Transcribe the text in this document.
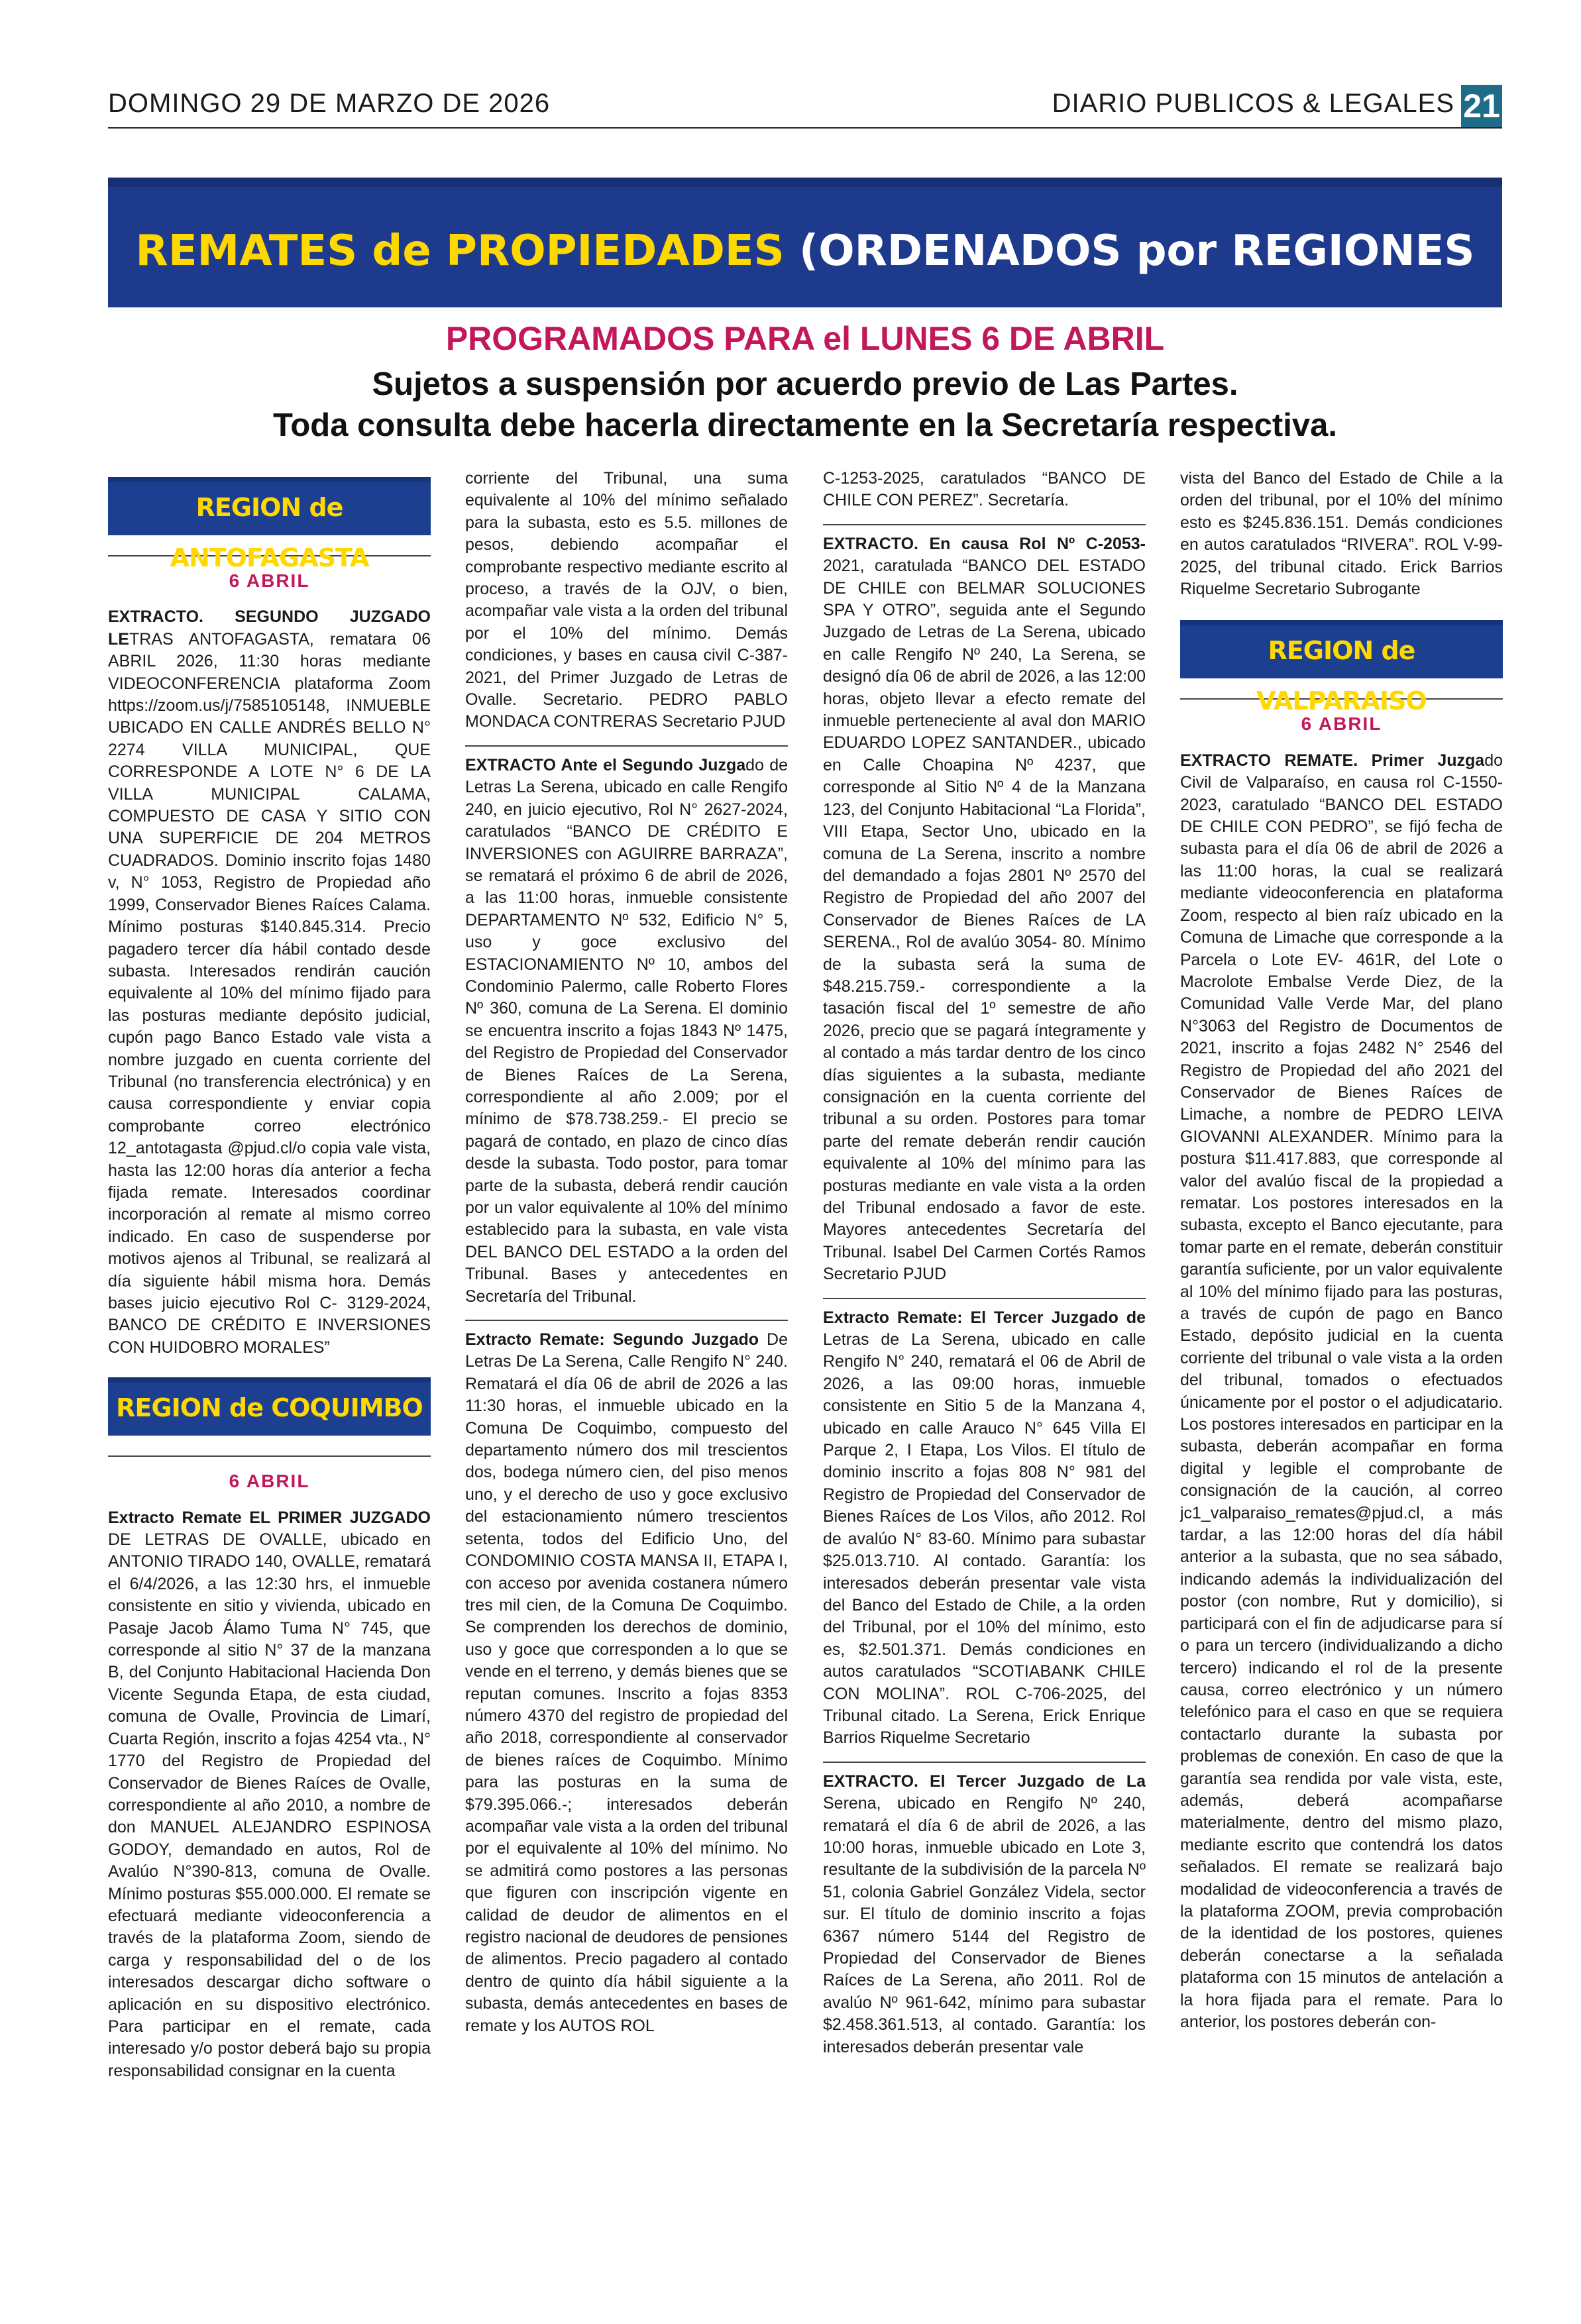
DOMINGO 29 DE MARZO DE 2026	DIARIO PUBLICOS & LEGALES 21
REMATES de PROPIEDADES (ORDENADOS por REGIONES
PROGRAMADOS PARA el LUNES 6 DE ABRIL
Sujetos a suspensión por acuerdo previo de Las Partes.
Toda consulta debe hacerla directamente en la Secretaría respectiva.
REGION de ANTOFAGASTA
6 ABRIL

EXTRACTO. SEGUNDO JUZGADO LETRAS ANTOFAGASTA, rematara 06 ABRIL 2026, 11:30 horas mediante VIDEOCONFERENCIA plataforma Zoom https://zoom.us/j/7585105148, INMUEBLE UBICADO EN CALLE ANDRÉS BELLO N° 2274 VILLA MUNICIPAL, QUE CORRESPONDE A LOTE N° 6 DE LA VILLA MUNICIPAL CALAMA, COMPUESTO DE CASA Y SITIO CON UNA SUPERFICIE DE 204 METROS CUADRADOS. Dominio inscrito fojas 1480 v, N° 1053, Registro de Propiedad año 1999, Conservador Bienes Raíces Calama. Mínimo posturas $140.845.314. Precio pagadero tercer día hábil contado desde subasta. Interesados rendirán caución equivalente al 10% del mínimo fijado para las posturas mediante depósito judicial, cupón pago Banco Estado vale vista a nombre juzgado en cuenta corriente del Tribunal (no transferencia electrónica) y en causa correspondiente y enviar copia comprobante correo electrónico 12_antotagasta @pjud.cl/o copia vale vista, hasta las 12:00 horas día anterior a fecha fijada remate. Interesados coordinar incorporación al remate al mismo correo indicado. En caso de suspenderse por motivos ajenos al Tribunal, se realizará al día siguiente hábil misma hora. Demás bases juicio ejecutivo Rol C- 3129-2024, BANCO DE CRÉDITO E INVERSIONES CON HUIDOBRO MORALES”

REGION de COQUIMBO
6 ABRIL

Extracto Remate EL PRIMER JUZGADO DE LETRAS DE OVALLE, ubicado en ANTONIO TIRADO 140, OVALLE, rematará el 6/4/2026, a las 12:30 hrs, el inmueble consistente en sitio y vivienda, ubicado en Pasaje Jacob Álamo Tuma N° 745, que corresponde al sitio N° 37 de la manzana B, del Conjunto Habitacional Hacienda Don Vicente Segunda Etapa, de esta ciudad, comuna de Ovalle, Provincia de Limarí, Cuarta Región, inscrito a fojas 4254 vta., N° 1770 del Registro de Propiedad del Conservador de Bienes Raíces de Ovalle, correspondiente al año 2010, a nombre de don MANUEL ALEJANDRO ESPINOSA GODOY, demandado en autos, Rol de Avalúo N°390-813, comuna de Ovalle. Mínimo posturas $55.000.000. El remate se efectuará mediante videoconferencia a través de la plataforma Zoom, siendo de carga y responsabilidad del o de los interesados descargar dicho software o aplicación en su dispositivo electrónico. Para participar en el remate, cada interesado y/o postor deberá bajo su propia responsabilidad consignar en la cuenta

corriente del Tribunal, una suma equivalente al 10% del mínimo señalado para la subasta, esto es 5.5. millones de pesos, debiendo acompañar el comprobante respectivo mediante escrito al proceso, a través de la OJV, o bien, acompañar vale vista a la orden del tribunal por el 10% del mínimo. Demás condiciones, y bases en causa civil C-387-2021, del Primer Juzgado de Letras de Ovalle. Secretario. PEDRO PABLO MONDACA CONTRERAS Secretario PJUD

EXTRACTO Ante el Segundo Juzgado de Letras La Serena, ubicado en calle Rengifo 240, en juicio ejecutivo, Rol N° 2627-2024, caratulados “BANCO DE CRÉDITO E INVERSIONES con AGUIRRE BARRAZA”, se rematará el próximo 6 de abril de 2026, a las 11:00 horas, inmueble consistente DEPARTAMENTO Nº 532, Edificio N° 5, uso y goce exclusivo del ESTACIONAMIENTO Nº 10, ambos del Condominio Palermo, calle Roberto Flores Nº 360, comuna de La Serena. El dominio se encuentra inscrito a fojas 1843 Nº 1475, del Registro de Propiedad del Conservador de Bienes Raíces de La Serena, correspondiente al año 2.009; por el mínimo de $78.738.259.- El precio se pagará de contado, en plazo de cinco días desde la subasta. Todo postor, para tomar parte de la subasta, deberá rendir caución por un valor equivalente al 10% del mínimo establecido para la subasta, en vale vista DEL BANCO DEL ESTADO a la orden del Tribunal. Bases y antecedentes en Secretaría del Tribunal.

Extracto Remate: Segundo Juzgado De Letras De La Serena, Calle Rengifo N° 240. Rematará el día 06 de abril de 2026 a las 11:30 horas, el inmueble ubicado en la Comuna De Coquimbo, compuesto del departamento número dos mil trescientos dos, bodega número cien, del piso menos uno, y el derecho de uso y goce exclusivo del estacionamiento número trescientos setenta, todos del Edificio Uno, del CONDOMINIO COSTA MANSA II, ETAPA I, con acceso por avenida costanera número tres mil cien, de la Comuna De Coquimbo. Se comprenden los derechos de dominio, uso y goce que corresponden a lo que se vende en el terreno, y demás bienes que se reputan comunes. Inscrito a fojas 8353 número 4370 del registro de propiedad del año 2018, correspondiente al conservador de bienes raíces de Coquimbo. Mínimo para las posturas en la suma de $79.395.066.-; interesados deberán acompañar vale vista a la orden del tribunal por el equivalente al 10% del mínimo. No se admitirá como postores a las personas que figuren con inscripción vigente en calidad de deudor de alimentos en el registro nacional de deudores de pensiones de alimentos. Precio pagadero al contado dentro de quinto día hábil siguiente a la subasta, demás antecedentes en bases de remate y los AUTOS ROL

C-1253-2025, caratulados “BANCO DE CHILE CON PEREZ”. Secretaría.

EXTRACTO. En causa Rol Nº C-2053-2021, caratulada “BANCO DEL ESTADO DE CHILE con BELMAR SOLUCIONES SPA Y OTRO”, seguida ante el Segundo Juzgado de Letras de La Serena, ubicado en calle Rengifo Nº 240, La Serena, se designó día 06 de abril de 2026, a las 12:00 horas, objeto llevar a efecto remate del inmueble perteneciente al aval don MARIO EDUARDO LOPEZ SANTANDER., ubicado en Calle Choapina Nº 4237, que corresponde al Sitio Nº 4 de la Manzana 123, del Conjunto Habitacional “La Florida”, VIII Etapa, Sector Uno, ubicado en la comuna de La Serena, inscrito a nombre del demandado a fojas 2801 Nº 2570 del Registro de Propiedad del año 2007 del Conservador de Bienes Raíces de LA SERENA., Rol de avalúo 3054- 80. Mínimo de la subasta será la suma de $48.215.759.- correspondiente a la tasación fiscal del 1º semestre de año 2026, precio que se pagará íntegramente y al contado a más tardar dentro de los cinco días siguientes a la subasta, mediante consignación en la cuenta corriente del tribunal a su orden. Postores para tomar parte del remate deberán rendir caución equivalente al 10% del mínimo para las posturas mediante en vale vista a la orden del Tribunal endosado a favor de este. Mayores antecedentes Secretaría del Tribunal. Isabel Del Carmen Cortés Ramos Secretario PJUD

Extracto Remate: El Tercer Juzgado de Letras de La Serena, ubicado en calle Rengifo N° 240, rematará el 06 de Abril de 2026, a las 09:00 horas, inmueble consistente en Sitio 5 de la Manzana 4, ubicado en calle Arauco N° 645 Villa El Parque 2, I Etapa, Los Vilos. El título de dominio inscrito a fojas 808 N° 981 del Registro de Propiedad del Conservador de Bienes Raíces de Los Vilos, año 2012. Rol de avalúo N° 83-60. Mínimo para subastar $25.013.710. Al contado. Garantía: los interesados deberán presentar vale vista del Banco del Estado de Chile, a la orden del Tribunal, por el 10% del mínimo, esto es, $2.501.371. Demás condiciones en autos caratulados “SCOTIABANK CHILE CON MOLINA”. ROL C-706-2025, del Tribunal citado. La Serena, Erick Enrique Barrios Riquelme Secretario

EXTRACTO. El Tercer Juzgado de La Serena, ubicado en Rengifo Nº 240, rematará el día 6 de abril de 2026, a las 10:00 horas, inmueble ubicado en Lote 3, resultante de la subdivisión de la parcela Nº 51, colonia Gabriel González Videla, sector sur. El título de dominio inscrito a fojas 6367 número 5144 del Registro de Propiedad del Conservador de Bienes Raíces de La Serena, año 2011. Rol de avalúo Nº 961-642, mínimo para subastar $2.458.361.513, al contado. Garantía: los interesados deberán presentar vale

vista del Banco del Estado de Chile a la orden del tribunal, por el 10% del mínimo esto es $245.836.151. Demás condiciones en autos caratulados “RIVERA”. ROL V-99-2025, del tribunal citado. Erick Barrios Riquelme Secretario Subrogante

REGION de VALPARAISO
6 ABRIL

EXTRACTO REMATE. Primer Juzgado Civil de Valparaíso, en causa rol C-1550-2023, caratulado “BANCO DEL ESTADO DE CHILE CON PEDRO”, se fijó fecha de subasta para el día 06 de abril de 2026 a las 11:00 horas, la cual se realizará mediante videoconferencia en plataforma Zoom, respecto al bien raíz ubicado en la Comuna de Limache que corresponde a la Parcela o Lote EV- 461R, del Lote o Macrolote Embalse Verde Diez, de la Comunidad Valle Verde Mar, del plano N°3063 del Registro de Documentos de 2021, inscrito a fojas 2482 N° 2546 del Registro de Propiedad del año 2021 del Conservador de Bienes Raíces de Limache, a nombre de PEDRO LEIVA GIOVANNI ALEXANDER. Mínimo para la postura $11.417.883, que corresponde al valor del avalúo fiscal de la propiedad a rematar. Los postores interesados en la subasta, excepto el Banco ejecutante, para tomar parte en el remate, deberán constituir garantía suficiente, por un valor equivalente al 10% del mínimo fijado para las posturas, a través de cupón de pago en Banco Estado, depósito judicial en la cuenta corriente del tribunal o vale vista a la orden del tribunal, tomados o efectuados únicamente por el postor o el adjudicatario. Los postores interesados en participar en la subasta, deberán acompañar en forma digital y legible el comprobante de consignación de la caución, al correo jc1_valparaiso_remates@pjud.cl, a más tardar, a las 12:00 horas del día hábil anterior a la subasta, que no sea sábado, indicando además la individualización del postor (con nombre, Rut y domicilio), si participará con el fin de adjudicarse para sí o para un tercero (individualizando a dicho tercero) indicando el rol de la presente causa, correo electrónico y un número telefónico para el caso en que se requiera contactarlo durante la subasta por problemas de conexión. En caso de que la garantía sea rendida por vale vista, este, además, deberá acompañarse materialmente, dentro del mismo plazo, mediante escrito que contendrá los datos señalados. El remate se realizará bajo modalidad de videoconferencia a través de la plataforma ZOOM, previa comprobación de la identidad de los postores, quienes deberán conectarse a la señalada plataforma con 15 minutos de antelación a la hora fijada para el remate. Para lo anterior, los postores deberán con-
